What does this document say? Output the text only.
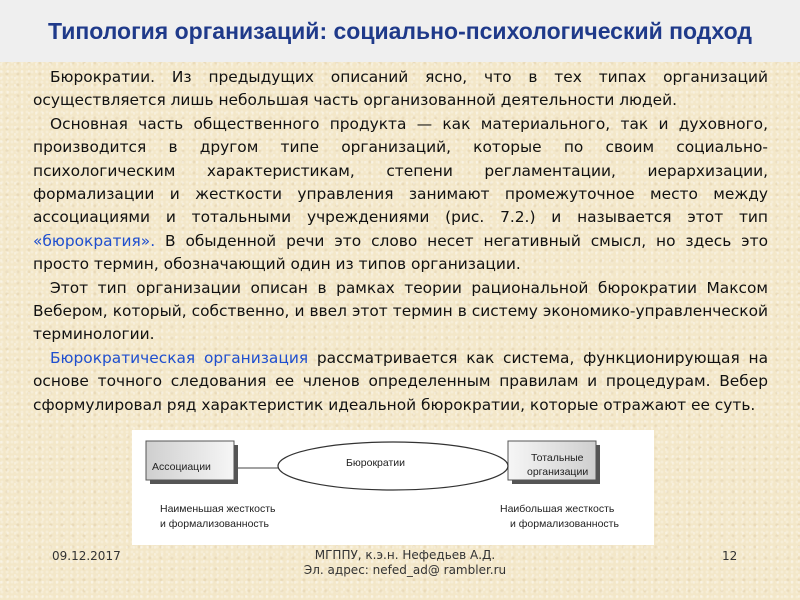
Типология организаций: социально-психологический подход

Бюрократии. Из предыдущих описаний ясно, что в тех типах организаций осуществляется лишь небольшая часть организованной деятельности людей.

Основная часть общественного продукта — как материального, так и духовного, производится в другом типе организаций, которые по своим социально-психологическим характеристикам, степени регламентации, иерархизации, формализации и жесткости управления занимают промежуточное место между ассоциациями и тотальными учреждениями (рис. 7.2.) и называется этот тип «бюрократия». В обыденной речи это слово несет негативный смысл, но здесь это просто термин, обозначающий один из типов организации.

Этот тип организации описан в рамках теории рациональной бюрократии Максом Вебером, который, собственно, и ввел этот термин в систему экономико-управленческой терминологии.

Бюрократическая организация рассматривается как система, функционирующая на основе точного следования ее членов определенным правилам и процедурам. Вебер сформулировал ряд характеристик идеальной бюрократии, которые отражают ее суть.

Ассоциации	Бюрократии	Тотальные
организации
Наименьшая жесткость
и формализованность
Наибольшая жесткость
и формализованность
09.12.2017	МГППУ, к.э.н. Нефедьев А.Д.
Эл. адрес: nefed_ad@ rambler.ru
12
